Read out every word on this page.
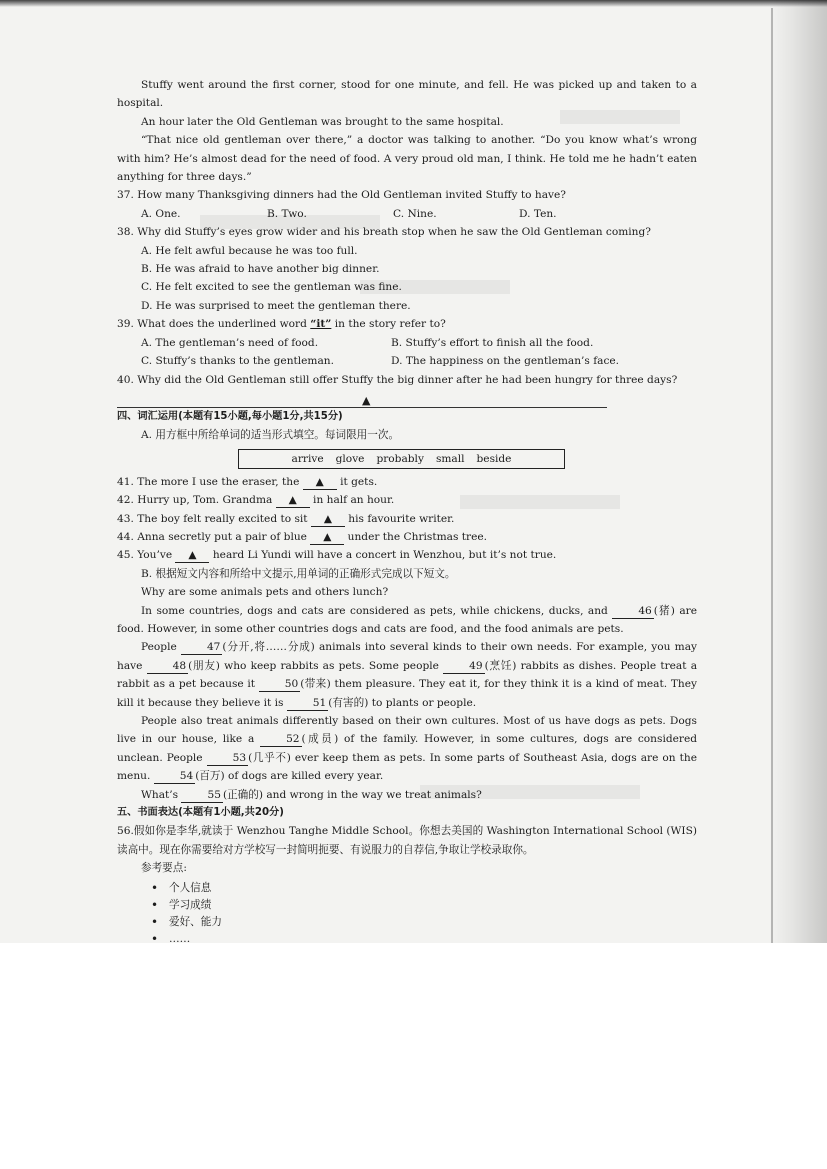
Stuffy went around the first corner, stood for one minute, and fell. He was picked up and taken to a hospital.

An hour later the Old Gentleman was brought to the same hospital.

“That nice old gentleman over there,” a doctor was talking to another. “Do you know what’s wrong with him? He’s almost dead for the need of food. A very proud old man, I think. He told me he hadn’t eaten anything for three days.”

37. How many Thanksgiving dinners had the Old Gentleman invited Stuffy to have?

A. One.	B. Two.	C. Nine.	D. Ten.

38. Why did Stuffy’s eyes grow wider and his breath stop when he saw the Old Gentleman coming?

A. He felt awful because he was too full.

B. He was afraid to have another big dinner.

C. He felt excited to see the gentleman was fine.

D. He was surprised to meet the gentleman there.

39. What does the underlined word “it” in the story refer to?

A. The gentleman’s need of food.	B. Stuffy’s effort to finish all the food.
C. Stuffy’s thanks to the gentleman.	D. The happiness on the gentleman’s face.

40. Why did the Old Gentleman still offer Stuffy the big dinner after he had been hungry for three days?

▲

四、词汇运用(本题有15小题,每小题1分,共15分)

A. 用方框中所给单词的适当形式填空。每词限用一次。

arrive glove probably small beside

41. The more I use the eraser, the ▲ it gets.

42. Hurry up, Tom. Grandma ▲ in half an hour.

43. The boy felt really excited to sit ▲ his favourite writer.

44. Anna secretly put a pair of blue ▲ under the Christmas tree.

45. You’ve ▲ heard Li Yundi will have a concert in Wenzhou, but it’s not true.

B. 根据短文内容和所给中文提示,用单词的正确形式完成以下短文。

Why are some animals pets and others lunch?

In some countries, dogs and cats are considered as pets, while chickens, ducks, and 46 (猪) are food. However, in some other countries dogs and cats are food, and the food animals are pets.

People 47 (分开,将……分成) animals into several kinds to their own needs. For example, you may have 48 (朋友) who keep rabbits as pets. Some people 49 (烹饪) rabbits as dishes. People treat a rabbit as a pet because it 50 (带来) them pleasure. They eat it, for they think it is a kind of meat. They kill it because they believe it is 51 (有害的) to plants or people.

People also treat animals differently based on their own cultures. Most of us have dogs as pets. Dogs live in our house, like a 52 (成员) of the family. However, in some cultures, dogs are considered unclean. People 53 (几乎不) ever keep them as pets. In some parts of Southeast Asia, dogs are on the menu. 54 (百万) of dogs are killed every year.

What’s 55 (正确的) and wrong in the way we treat animals?

五、书面表达(本题有1小题,共20分)

56.假如你是李华,就读于 Wenzhou Tanghe Middle School。你想去美国的 Washington International School (WIS)读高中。现在你需要给对方学校写一封简明扼要、有说服力的自荐信,争取让学校录取你。

参考要点:

• 个人信息
• 学习成绩
• 爱好、能力
• ……
